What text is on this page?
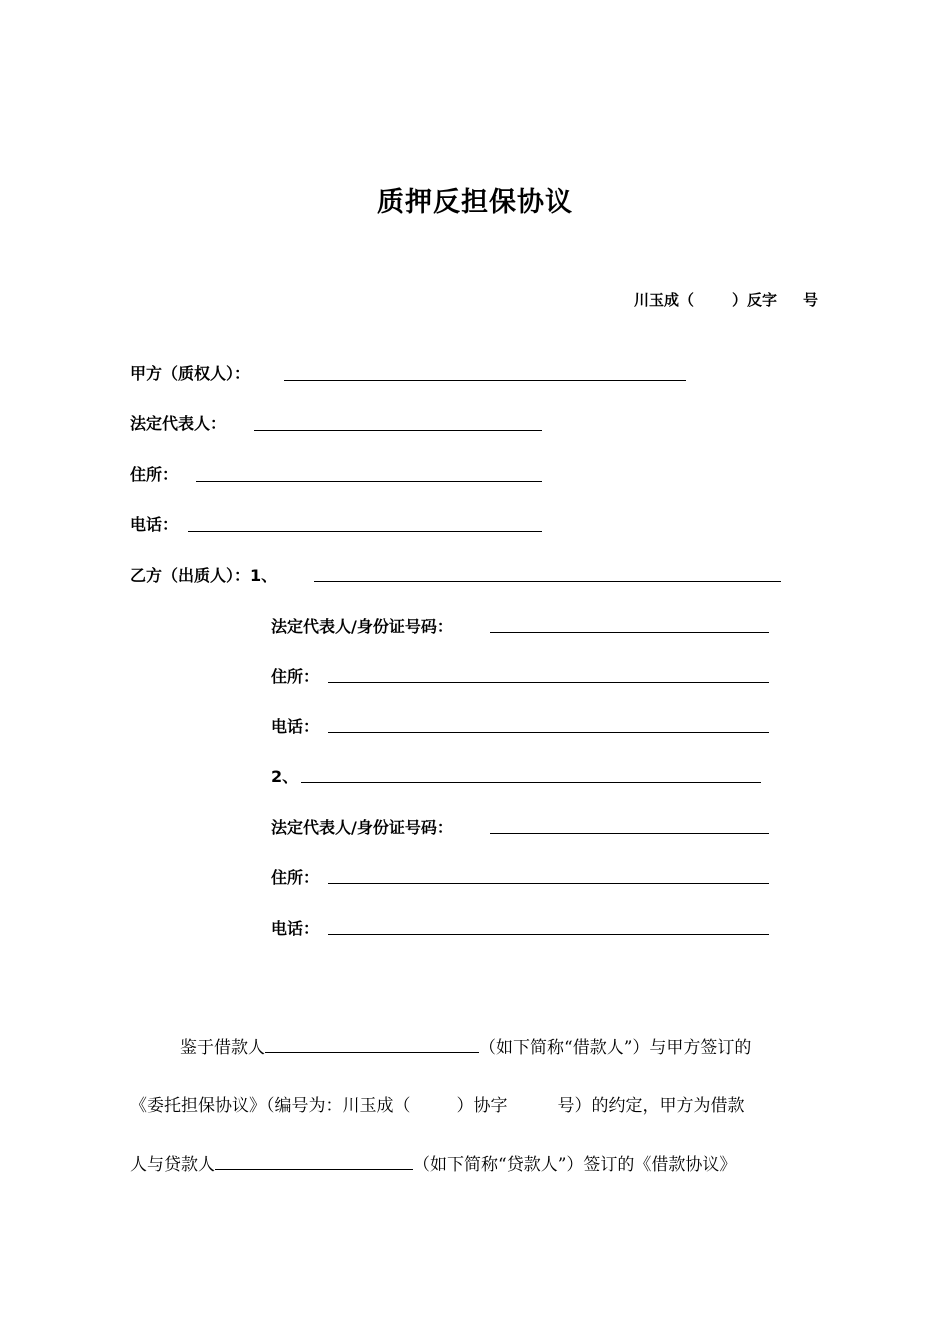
质押反担保协议
川玉成（	）反字 号
甲方（质权人）：
法定代表人：
住所：
电话：
乙方（出质人）：1、
法定代表人/身份证号码：
住所：
电话：
2、
法定代表人/身份证号码：
住所：
电话：
鉴于借款人	（如下简称“借款人”）与甲方签订的
《委托担保协议》（编号为：川玉成（	）协字	号）的约定，甲方为借款
人与贷款人	（如下简称“贷款人”）签订的《借款协议》
